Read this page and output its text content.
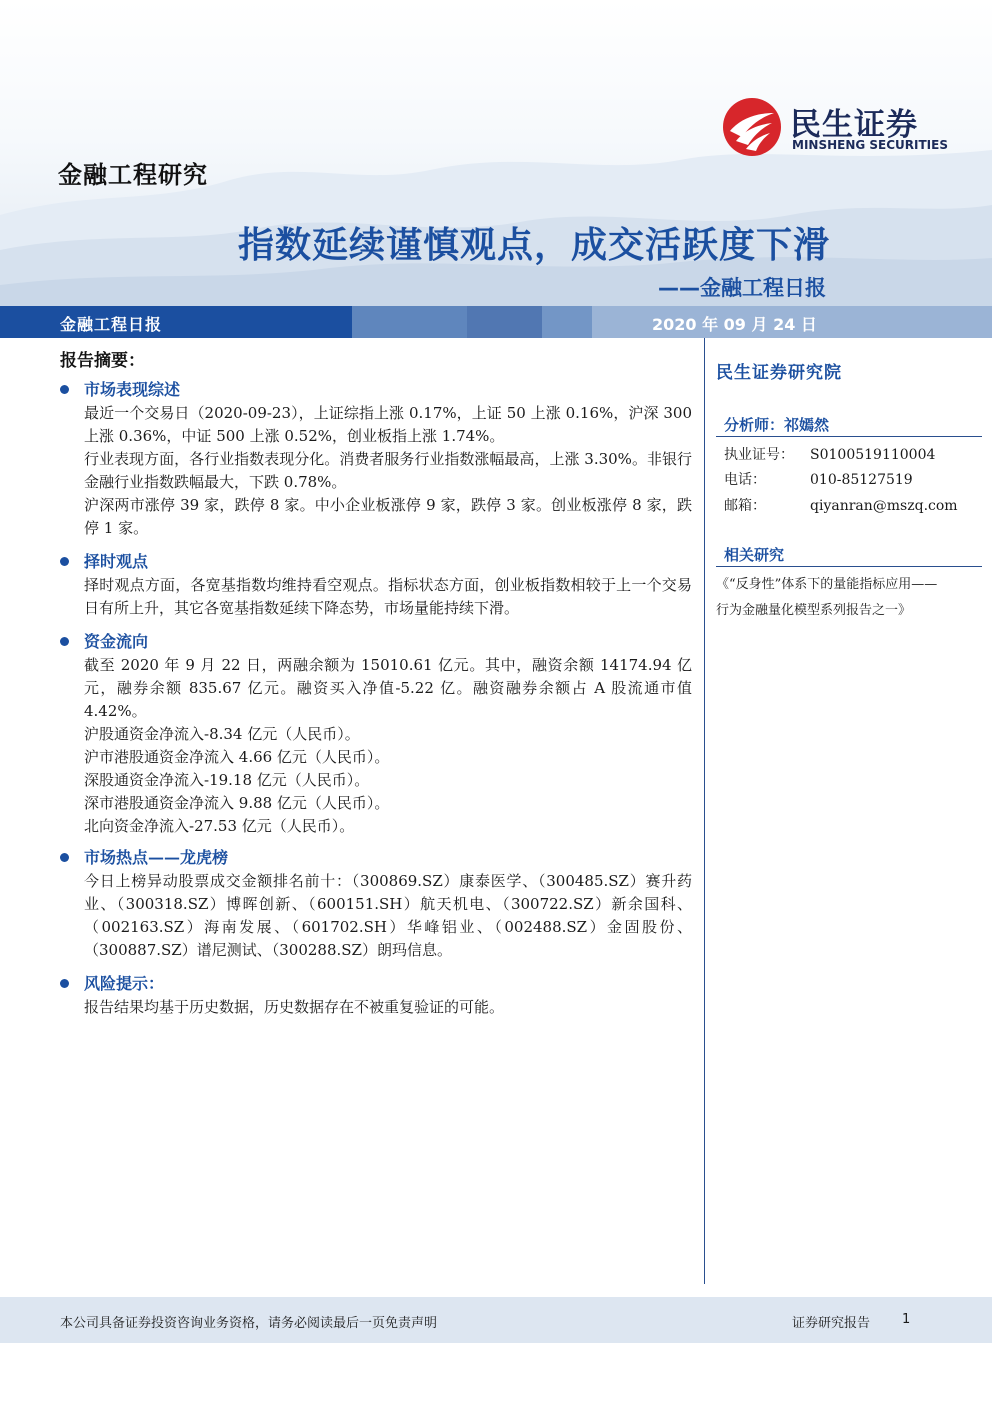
金融工程研究
民生证券
MINSHENG SECURITIES
指数延续谨慎观点，成交活跃度下滑
——金融工程日报
金融工程日报	2020 年 09 月 24 日
报告摘要：
市场表现综述
最近一个交易日（2020-09-23），上证综指上涨 0.17%，上证 50 上涨 0.16%，沪深 300 上涨 0.36%，中证 500 上涨 0.52%，创业板指上涨 1.74%。
行业表现方面，各行业指数表现分化。消费者服务行业指数涨幅最高，上涨 3.30%。非银行金融行业指数跌幅最大，下跌 0.78%。
沪深两市涨停 39 家，跌停 8 家。中小企业板涨停 9 家，跌停 3 家。创业板涨停 8 家，跌停 1 家。
择时观点
择时观点方面，各宽基指数均维持看空观点。指标状态方面，创业板指数相较于上一个交易日有所上升，其它各宽基指数延续下降态势，市场量能持续下滑。
资金流向
截至 2020 年 9 月 22 日，两融余额为 15010.61 亿元。其中，融资余额 14174.94 亿元，融券余额 835.67 亿元。融资买入净值-5.22 亿。融资融券余额占 A 股流通市值 4.42%。
沪股通资金净流入-8.34 亿元（人民币）。
沪市港股通资金净流入 4.66 亿元（人民币）。
深股通资金净流入-19.18 亿元（人民币）。
深市港股通资金净流入 9.88 亿元（人民币）。
北向资金净流入-27.53 亿元（人民币）。
市场热点——龙虎榜
今日上榜异动股票成交金额排名前十：（300869.SZ）康泰医学、（300485.SZ）赛升药业、（300318.SZ）博晖创新、（600151.SH）航天机电、（300722.SZ）新余国科、（002163.SZ）海南发展、（601702.SH）华峰铝业、（002488.SZ）金固股份、（300887.SZ）谱尼测试、（300288.SZ）朗玛信息。
风险提示：
报告结果均基于历史数据，历史数据存在不被重复验证的可能。
民生证券研究院
分析师：祁嫣然
执业证号： S0100519110004
电话：	010-85127519
邮箱：	qiyanran@mszq.com
相关研究
《“反身性”体系下的量能指标应用——
行为金融量化模型系列报告之一》
本公司具备证券投资咨询业务资格，请务必阅读最后一页免责声明	证券研究报告 1
